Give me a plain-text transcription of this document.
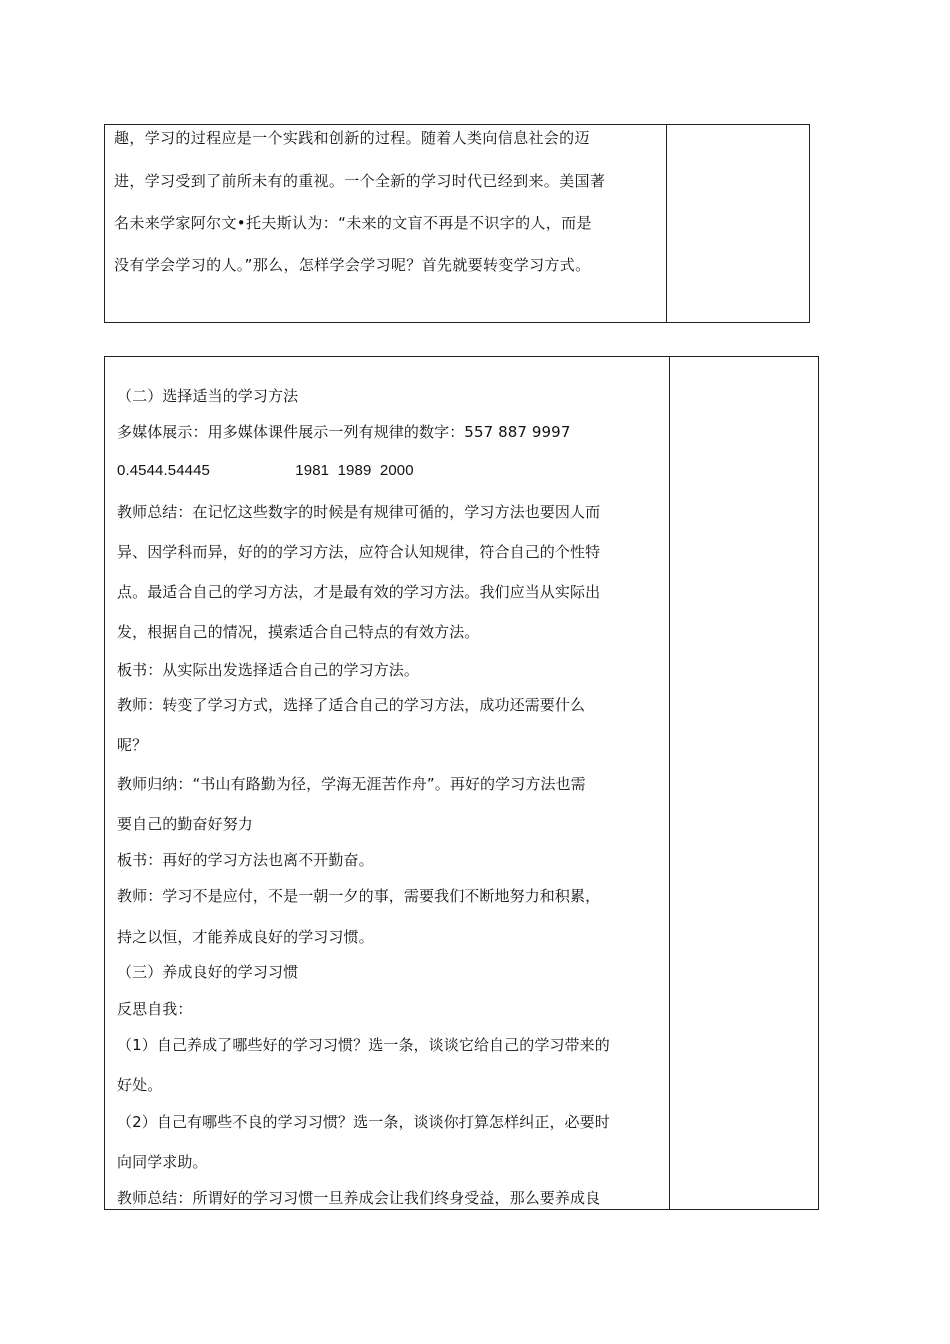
趣，学习的过程应是一个实践和创新的过程。随着人类向信息社会的迈
进，学习受到了前所未有的重视。一个全新的学习时代已经到来。美国著
名未来学家阿尔文•托夫斯认为：“未来的文盲不再是不识字的人，而是
没有学会学习的人。”那么，怎样学会学习呢？首先就要转变学习方式。
（二）选择适当的学习方法
多媒体展示：用多媒体课件展示一列有规律的数字：557 887 9997
0.4544.54445                    1981  1989  2000
教师总结：在记忆这些数字的时候是有规律可循的，学习方法也要因人而
异、因学科而异，好的的学习方法，应符合认知规律，符合自己的个性特
点。最适合自己的学习方法，才是最有效的学习方法。我们应当从实际出
发，根据自己的情况，摸索适合自己特点的有效方法。
板书：从实际出发选择适合自己的学习方法。
教师：转变了学习方式，选择了适合自己的学习方法，成功还需要什么
呢？
教师归纳：“书山有路勤为径，学海无涯苦作舟”。再好的学习方法也需
要自己的勤奋好努力
板书：再好的学习方法也离不开勤奋。
教师：学习不是应付，不是一朝一夕的事，需要我们不断地努力和积累，
持之以恒，才能养成良好的学习习惯。
（三）养成良好的学习习惯
反思自我：
（1）自己养成了哪些好的学习习惯？选一条，谈谈它给自己的学习带来的
好处。
（2）自己有哪些不良的学习习惯？选一条，谈谈你打算怎样纠正，必要时
向同学求助。
教师总结：所谓好的学习习惯一旦养成会让我们终身受益，那么要养成良
